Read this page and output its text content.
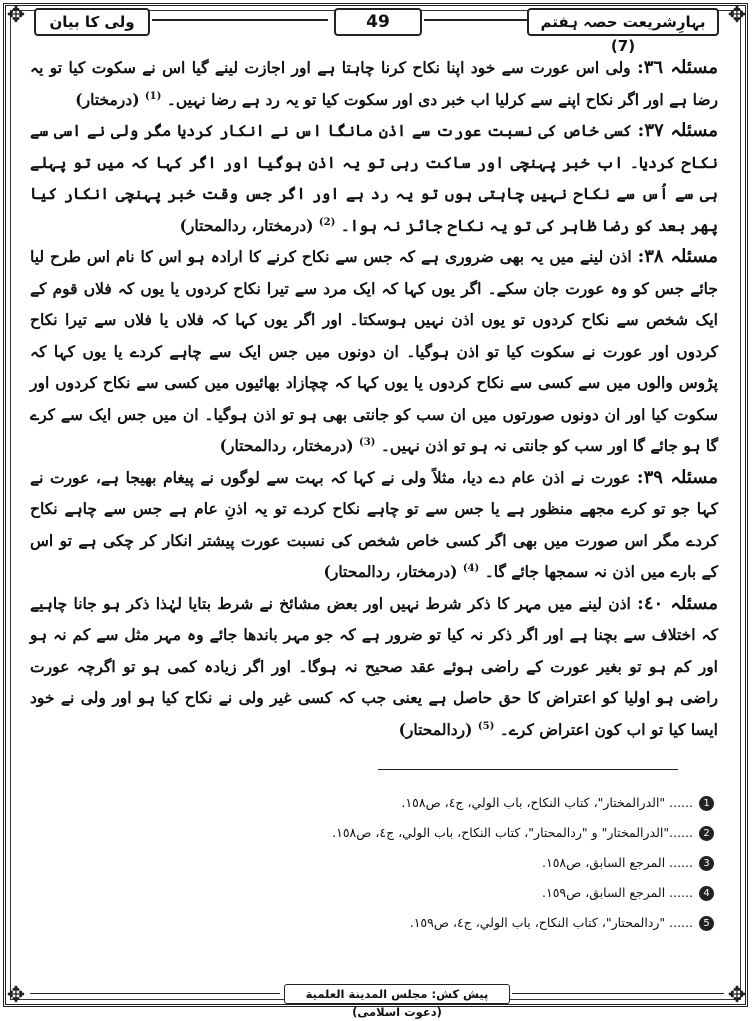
✥	✥
✥	✥
ولی کا بیان	49	بہارِشریعت حصہ ہفتم (7)

مسئلہ ٣٦: ولی اس عورت سے خود اپنا نکاح کرنا چاہتا ہے اور اجازت لینے گیا اس نے سکوت کیا تو یہ رضا ہے اور اگر نکاح اپنے سے کرلیا اب خبر دی اور سکوت کیا تو یہ رد ہے رضا نہیں۔ $^{(1)}$ (درمختار)

مسئلہ ٣٧: کسی خاص کی نسبت عورت سے اذن مانگا اس نے انکار کردیا مگر ولی نے اسی سے نکاح کردیا۔ اب خبر پہنچی اور ساکت رہی تو یہ اذن ہوگیا اور اگر کہا کہ میں تو پہلے ہی سے اُس سے نکاح نہیں چاہتی ہوں تو یہ رد ہے اور اگر جس وقت خبر پہنچی انکار کیا پھر بعد کو رضا ظاہر کی تو یہ نکاح جائز نہ ہوا۔ $^{(2)}$ (درمختار، ردالمحتار)

مسئلہ ٣٨: اذن لینے میں یہ بھی ضروری ہے کہ جس سے نکاح کرنے کا ارادہ ہو اس کا نام اس طرح لیا جائے جس کو وہ عورت جان سکے۔ اگر یوں کہا کہ ایک مرد سے تیرا نکاح کردوں یا یوں کہ فلاں قوم کے ایک شخص سے نکاح کردوں تو یوں اذن نہیں ہوسکتا۔ اور اگر یوں کہا کہ فلاں یا فلاں سے تیرا نکاح کردوں اور عورت نے سکوت کیا تو اذن ہوگیا۔ ان دونوں میں جس ایک سے چاہے کردے یا یوں کہا کہ پڑوس والوں میں سے کسی سے نکاح کردوں یا یوں کہا کہ چچازاد بھائیوں میں کسی سے نکاح کردوں اور سکوت کیا اور ان دونوں صورتوں میں ان سب کو جانتی بھی ہو تو اذن ہوگیا۔ ان میں جس ایک سے کرے گا ہو جائے گا اور سب کو جانتی نہ ہو تو اذن نہیں۔ $^{(3)}$ (درمختار، ردالمحتار)

مسئلہ ٣٩: عورت نے اذن عام دے دیا، مثلاً ولی نے کہا کہ بہت سے لوگوں نے پیغام بھیجا ہے، عورت نے کہا جو تو کرے مجھے منظور ہے یا جس سے تو چاہے نکاح کردے تو یہ اذنِ عام ہے جس سے چاہے نکاح کردے مگر اس صورت میں بھی اگر کسی خاص شخص کی نسبت عورت پیشتر انکار کر چکی ہے تو اس کے بارے میں اذن نہ سمجھا جائے گا۔ $^{(4)}$ (درمختار، ردالمحتار)

مسئلہ ٤٠: اذن لینے میں مہر کا ذکر شرط نہیں اور بعض مشائخ نے شرط بتایا لہٰذا ذکر ہو جانا چاہیے کہ اختلاف سے بچنا ہے اور اگر ذکر نہ کیا تو ضرور ہے کہ جو مہر باندھا جائے وہ مہر مثل سے کم نہ ہو اور کم ہو تو بغیر عورت کے راضی ہوئے عقد صحیح نہ ہوگا۔ اور اگر زیادہ کمی ہو تو اگرچہ عورت راضی ہو اولیا کو اعتراض کا حق حاصل ہے یعنی جب کہ کسی غیر ولی نے نکاح کیا ہو اور ولی نے خود ایسا کیا تو اب کون اعتراض کرے۔ $^{(5)}$ (ردالمحتار)

1
...... "الدرالمختار"، كتاب النكاح، باب الولي، ج٤، ص١٥٨.
2
......"الدرالمختار" و "ردالمحتار"، كتاب النكاح، باب الولي، ج٤، ص١٥٨.
3
...... المرجع السابق، ص١٥٨.
4
...... المرجع السابق، ص١٥٩.
5
...... "ردالمحتار"، كتاب النكاح، باب الولي، ج٤، ص١٥٩.
پیش کش: مجلس المدينة العلمية (دعوت اسلامی)
